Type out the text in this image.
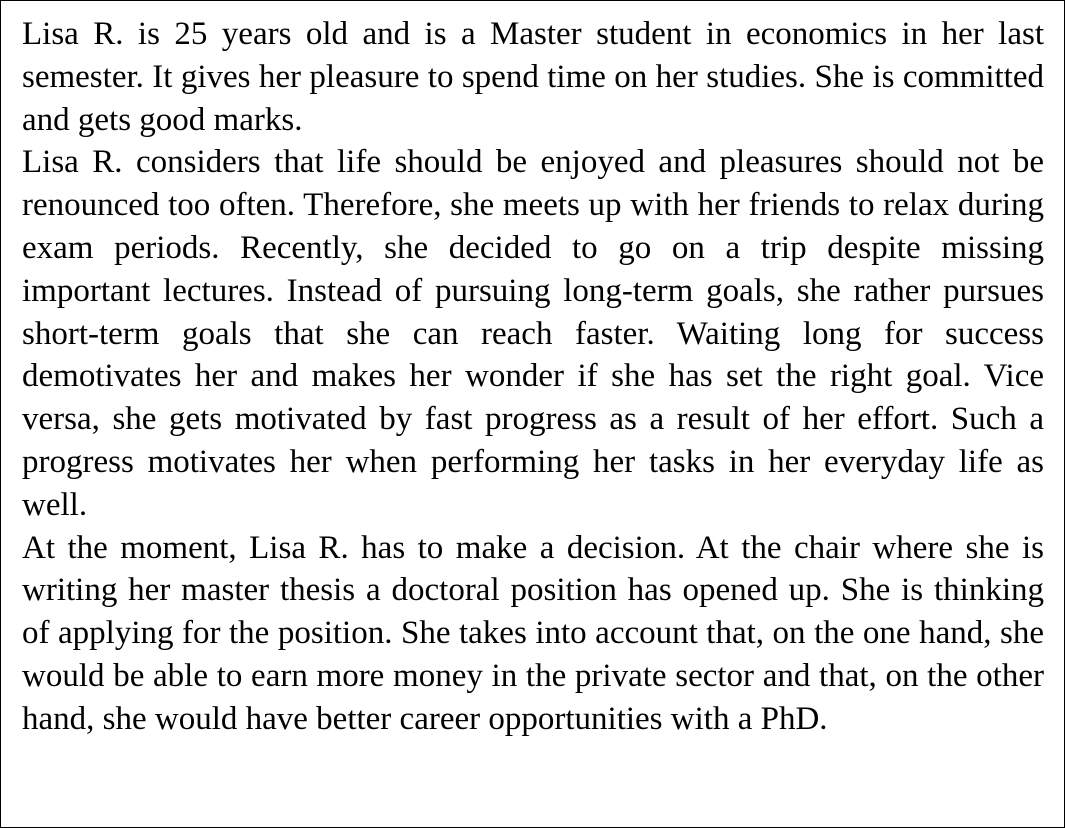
Lisa R. is 25 years old and is a Master student in economics in her last semester. It gives her pleasure to spend time on her studies. She is committed and gets good marks.

Lisa R. considers that life should be enjoyed and pleasures should not be renounced too often. Therefore, she meets up with her friends to relax during exam periods. Recently, she decided to go on a trip despite missing important lectures. Instead of pursuing long-term goals, she rather pursues short-term goals that she can reach faster. Waiting long for success demotivates her and makes her wonder if she has set the right goal. Vice versa, she gets motivated by fast progress as a result of her effort. Such a progress motivates her when performing her tasks in her everyday life as well.

At the moment, Lisa R. has to make a decision. At the chair where she is writing her master thesis a doctoral position has opened up. She is thinking of applying for the position. She takes into account that, on the one hand, she would be able to earn more money in the private sector and that, on the other hand, she would have better career opportunities with a PhD.
